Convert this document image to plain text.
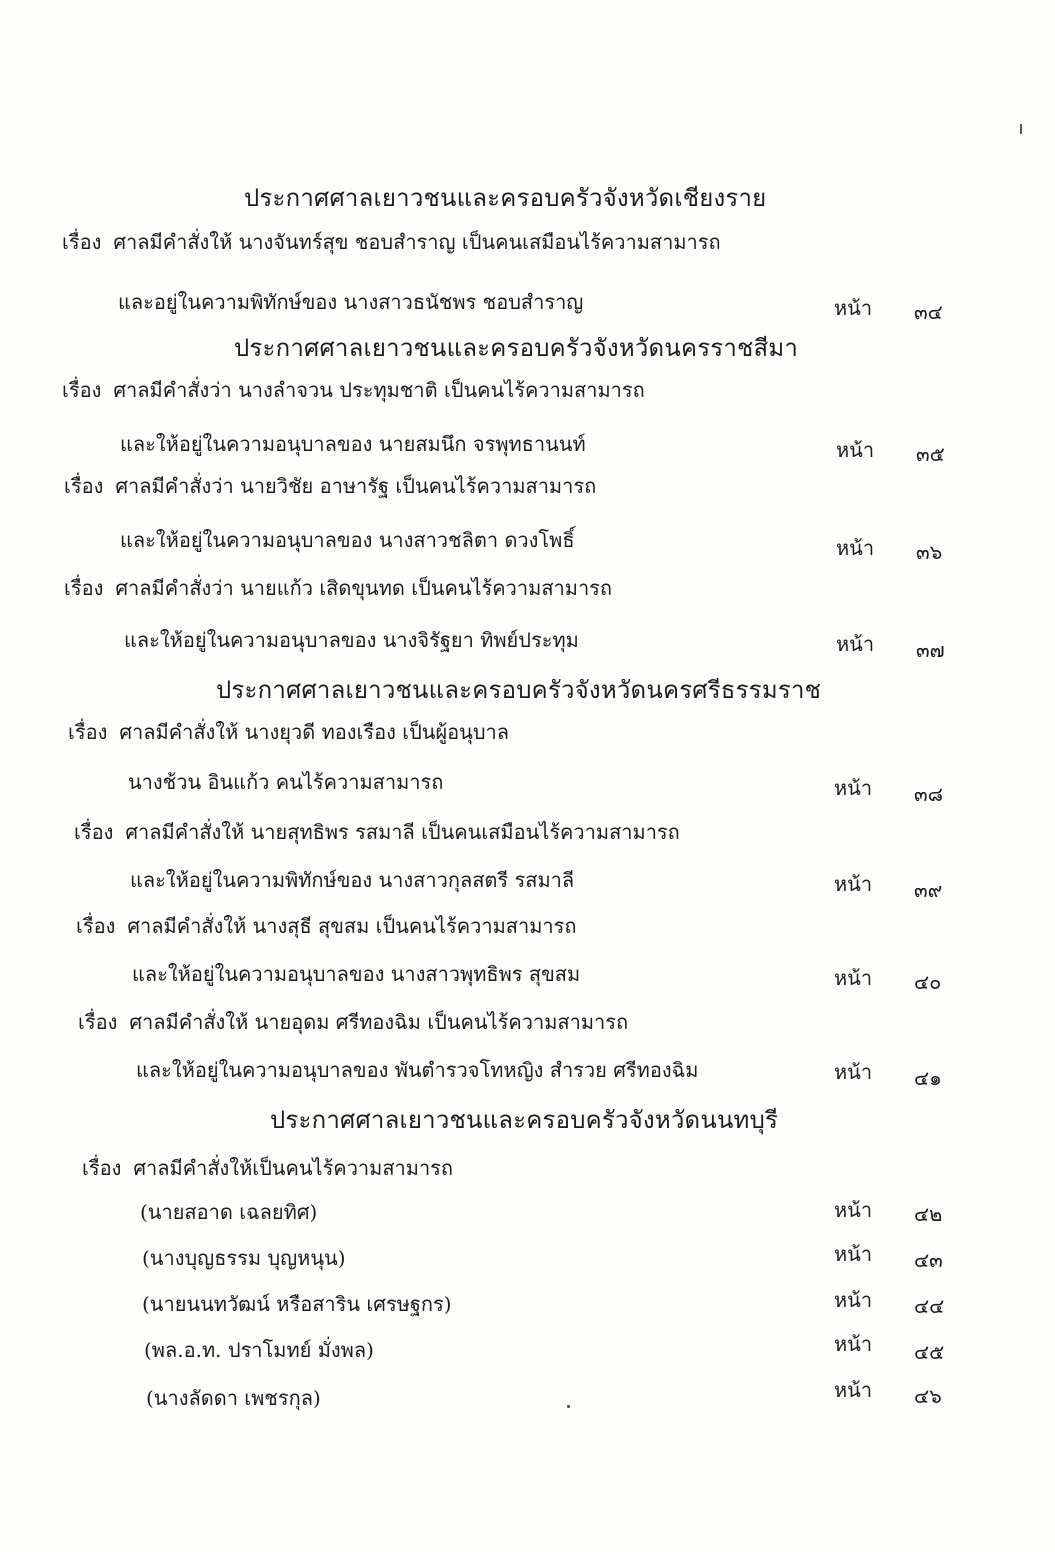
ประกาศศาลเยาวชนและครอบครัวจังหวัดเชียงราย
เรื่อง ศาลมีคำสั่งให้ นางจันทร์สุข ชอบสำราญ เป็นคนเสมือนไร้ความสามารถ
และอยู่ในความพิทักษ์ของ นางสาวธนัชพร ชอบสำราญ	หน้า ๓๔
ประกาศศาลเยาวชนและครอบครัวจังหวัดนครราชสีมา
เรื่อง ศาลมีคำสั่งว่า นางลำจวน ประทุมชาติ เป็นคนไร้ความสามารถ
และให้อยู่ในความอนุบาลของ นายสมนึก จรพุทธานนท์	หน้า ๓๕
เรื่อง ศาลมีคำสั่งว่า นายวิชัย อาษารัฐ เป็นคนไร้ความสามารถ
และให้อยู่ในความอนุบาลของ นางสาวชลิตา ดวงโพธิ์	หน้า ๓๖
เรื่อง ศาลมีคำสั่งว่า นายแก้ว เสิดขุนทด เป็นคนไร้ความสามารถ
และให้อยู่ในความอนุบาลของ นางจิรัฐยา ทิพย์ประทุม	หน้า ๓๗
ประกาศศาลเยาวชนและครอบครัวจังหวัดนครศรีธรรมราช
เรื่อง ศาลมีคำสั่งให้ นางยุวดี ทองเรือง เป็นผู้อนุบาล
นางช้วน อินแก้ว คนไร้ความสามารถ	หน้า ๓๘
เรื่อง ศาลมีคำสั่งให้ นายสุทธิพร รสมาลี เป็นคนเสมือนไร้ความสามารถ
และให้อยู่ในความพิทักษ์ของ นางสาวกุลสตรี รสมาลี	หน้า ๓๙
เรื่อง ศาลมีคำสั่งให้ นางสุธี สุขสม เป็นคนไร้ความสามารถ
และให้อยู่ในความอนุบาลของ นางสาวพุทธิพร สุขสม	หน้า ๔๐
เรื่อง ศาลมีคำสั่งให้ นายอุดม ศรีทองฉิม เป็นคนไร้ความสามารถ
และให้อยู่ในความอนุบาลของ พันตำรวจโทหญิง สำรวย ศรีทองฉิม	หน้า ๔๑
ประกาศศาลเยาวชนและครอบครัวจังหวัดนนทบุรี
เรื่อง ศาลมีคำสั่งให้เป็นคนไร้ความสามารถ
(นายสอาด เฉลยทิศ)	หน้า ๔๒
(นางบุญธรรม บุญหนุน)	หน้า ๔๓
(นายนนทวัฒน์ หรือสาริน เศรษฐกร)	หน้า ๔๔
(พล.อ.ท. ปราโมทย์ มั่งพล)	หน้า ๔๕
(นางลัดดา เพชรกุล)	หน้า ๔๖
